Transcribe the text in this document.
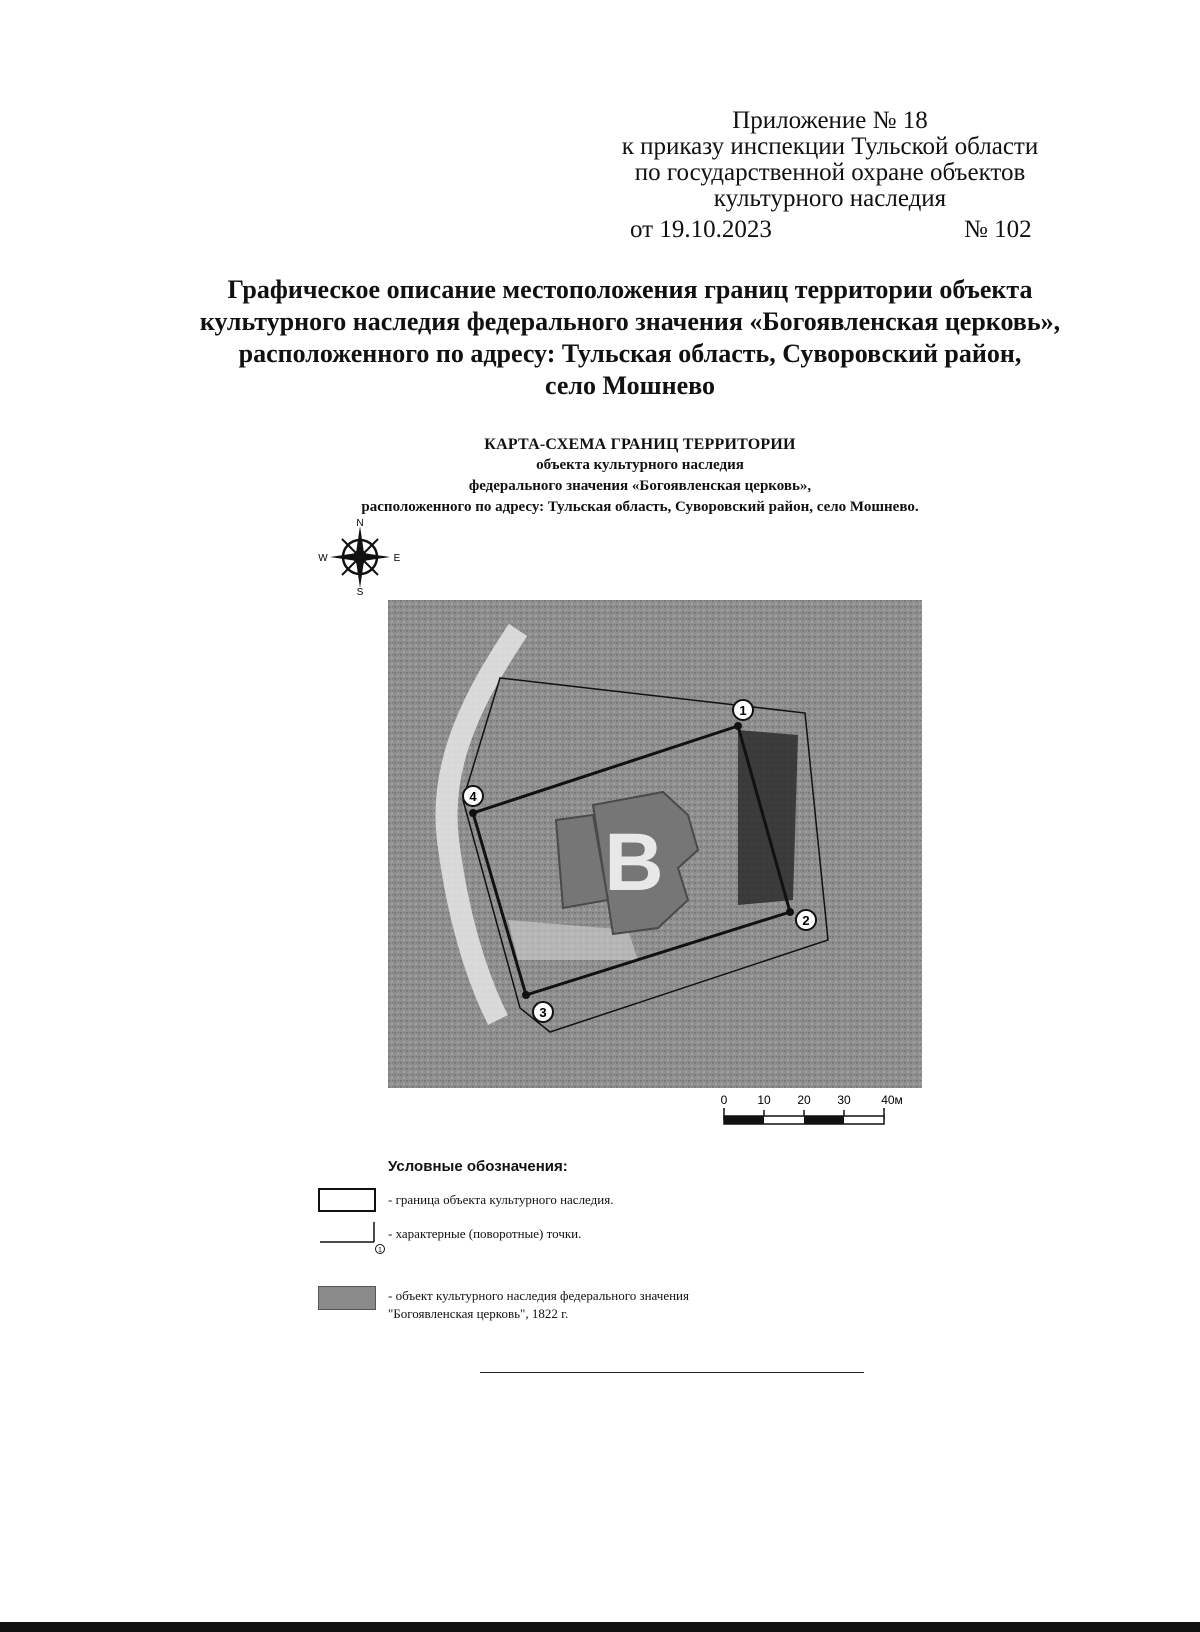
Приложение № 18
к приказу инспекции Тульской области
по государственной охране объектов
культурного наследия
от 19.10.2023	№ 102
Графическое описание местоположения границ территории объекта
культурного наследия федерального значения «Богоявленская церковь»,
расположенного по адресу: Тульская область, Суворовский район,
село Мошнево
КАРТА-СХЕМА ГРАНИЦ ТЕРРИТОРИИ
объекта культурного наследия
федерального значения «Богоявленская церковь»,
расположенного по адресу: Тульская область, Суворовский район, село Мошнево.
N
S
W	E
В
1
2
3
4
0 10 20 30	40м
Условные обозначения:
- граница объекта культурного наследия.
1
- характерные (поворотные) точки.
- объект культурного наследия федерального значения
"Богоявленская церковь", 1822 г.
